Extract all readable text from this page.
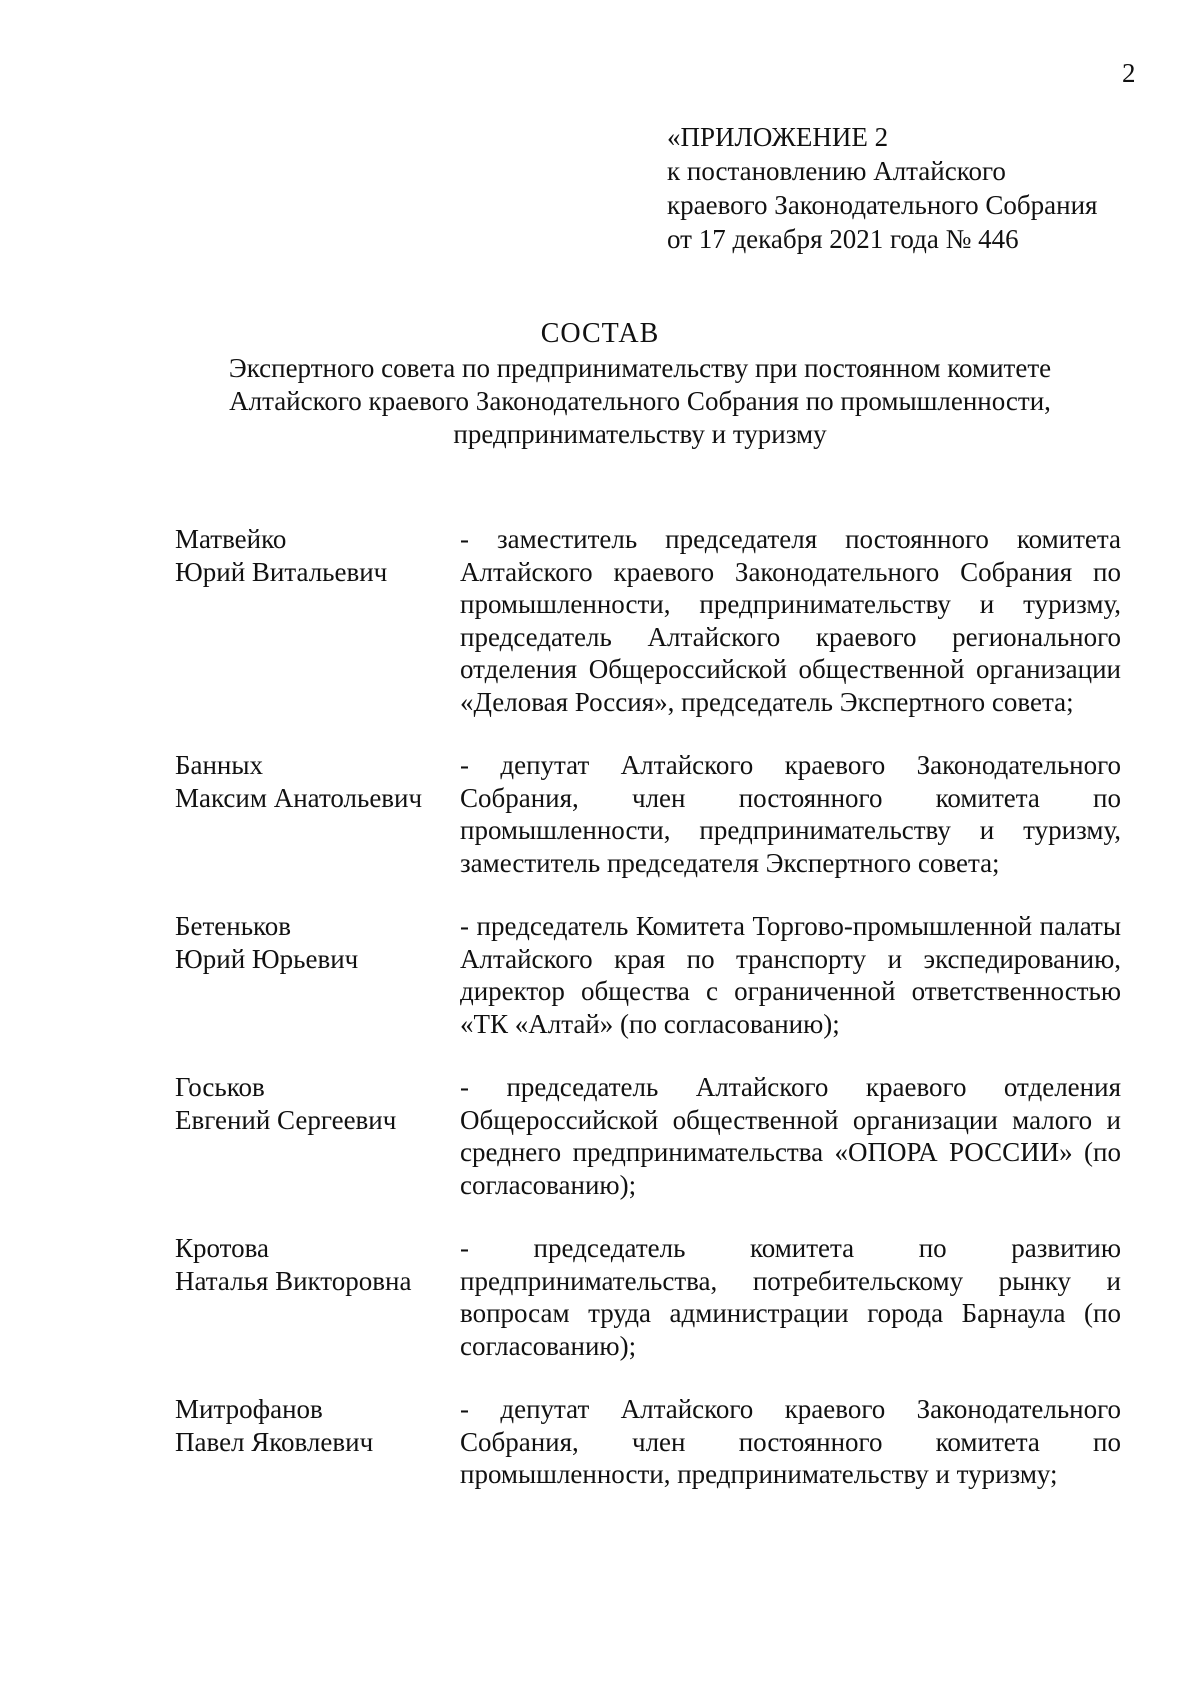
2
«ПРИЛОЖЕНИЕ 2
к постановлению Алтайского
краевого Законодательного Собрания
от 17 декабря 2021 года № 446
СОСТАВ
Экспертного совета по предпринимательству при постоянном комитете
Алтайского краевого Законодательного Собрания по промышленности,
предпринимательству и туризму
Матвейко
Юрий Витальевич
- заместитель председателя постоянного комитета Алтайского краевого Законодательного Собрания по промышленности, предпринимательству и туризму, председатель Алтайского краевого регионального отделения Общероссийской общественной организации «Деловая Россия», председатель Экспертного совета;
Банных
Максим Анатольевич
- депутат Алтайского краевого Законодательного Собрания, член постоянного комитета по промышленности, предпринимательству и туризму, заместитель председателя Экспертного совета;
Бетеньков
Юрий Юрьевич
- председатель Комитета Торгово-промышленной палаты Алтайского края по транспорту и экспедированию, директор общества с ограниченной ответственностью «ТК «Алтай» (по согласованию);
Госьков
Евгений Сергеевич
- председатель Алтайского краевого отделения Общероссийской общественной организации малого и среднего предпринимательства «ОПОРА РОССИИ» (по согласованию);
Кротова
Наталья Викторовна
- председатель комитета по развитию предпринимательства, потребительскому рынку и вопросам труда администрации города Барнаула (по согласованию);
Митрофанов
Павел Яковлевич
- депутат Алтайского краевого Законодательного Собрания, член постоянного комитета по промышленности, предпринимательству и туризму;
